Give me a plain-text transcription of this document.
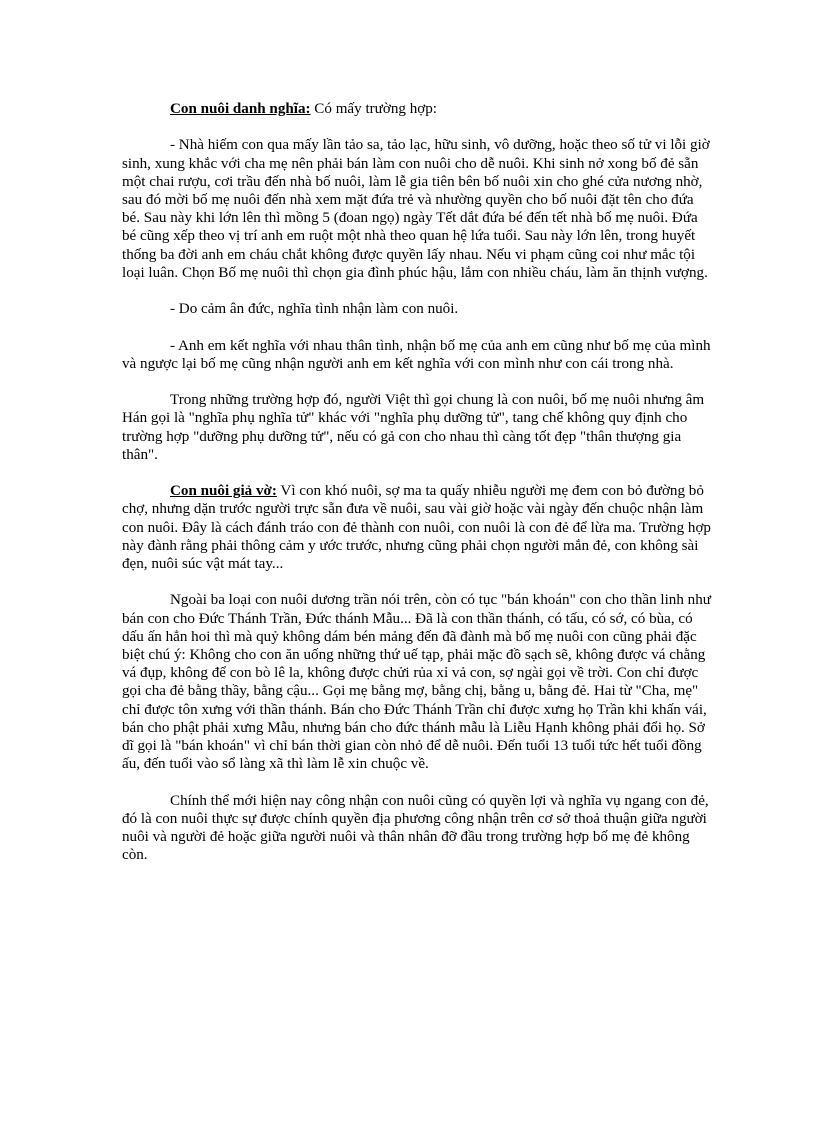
Con nuôi danh nghĩa: Có mấy trường hợp:

- Nhà hiếm con qua mấy lần tảo sa, tảo lạc, hữu sinh, vô dưỡng, hoặc theo số tử vi lỗi giờ sinh, xung khắc với cha mẹ nên phải bán làm con nuôi cho dễ nuôi. Khi sinh nở xong bố đẻ sẵn một chai rượu, cơi trầu đến nhà bố nuôi, làm lễ gia tiên bên bố nuôi xin cho ghé cửa nương nhờ, sau đó mời bố mẹ nuôi đến nhà xem mặt đứa trẻ và nhường quyền cho bố nuôi đặt tên cho đứa bé. Sau này khi lớn lên thì mồng 5 (đoan ngọ) ngày Tết dắt đứa bé đến tết nhà bố mẹ nuôi. Đứa bé cũng xếp theo vị trí anh em ruột một nhà theo quan hệ lứa tuổi. Sau này lớn lên, trong huyết thống ba đời anh em cháu chắt không được quyền lấy nhau. Nếu vi phạm cũng coi như mắc tội loại luân. Chọn Bố mẹ nuôi thì chọn gia đình phúc hậu, lắm con nhiều cháu, làm ăn thịnh vượng.

- Do cảm ân đức, nghĩa tình nhận làm con nuôi.

- Anh em kết nghĩa với nhau thân tình, nhận bố mẹ của anh em cũng như bố mẹ của mình và ngược lại bố mẹ cũng nhận người anh em kết nghĩa với con mình như con cái trong nhà.

Trong những trường hợp đó, người Việt thì gọi chung là con nuôi, bố mẹ nuôi nhưng âm Hán gọi là "nghĩa phụ nghĩa tử" khác với "nghĩa phụ dưỡng tử", tang chế không quy định cho trường hợp "dưỡng phụ dưỡng tử", nếu có gả con cho nhau thì càng tốt đẹp "thân thượng gia thân".

Con nuôi giả vờ: Vì con khó nuôi, sợ ma ta quấy nhiễu người mẹ đem con bỏ đường bỏ chợ, nhưng dặn trước người trực sẵn đưa về nuôi, sau vài giờ hoặc vài ngày đến chuộc nhận làm con nuôi. Đây là cách đánh tráo con đẻ thành con nuôi, con nuôi là con đẻ để lừa ma. Trường hợp này đành rằng phải thông cảm y ước trước, nhưng cũng phải chọn người mắn đẻ, con không sài đẹn, nuôi súc vật mát tay...

Ngoài ba loại con nuôi dương trần nói trên, còn có tục "bán khoán" con cho thần linh như bán con cho Đức Thánh Trần, Đức thánh Mẫu... Đã là con thần thánh, có tấu, có sớ, có bùa, có dấu ấn hẳn hoi thì mà quỷ không dám bén mảng đến đã đành mà bố mẹ nuôi con cũng phải đặc biệt chú ý: Không cho con ăn uống những thứ uế tạp, phải mặc đồ sạch sẽ, không được vá chằng vá đụp, không để con bò lê la, không được chửi rủa xỉ vả con, sợ ngài gọi về trời. Con chỉ được gọi cha đẻ bằng thầy, bằng cậu... Gọi mẹ bằng mợ, bằng chị, bằng u, bằng đẻ. Hai từ "Cha, mẹ" chỉ được tôn xưng với thần thánh. Bán cho Đức Thánh Trần chỉ được xưng họ Trần khi khấn vái, bán cho phật phải xưng Mẫu, nhưng bán cho đức thánh mẫu là Liễu Hạnh không phải đổi họ. Sở dĩ gọi là "bán khoán" vì chỉ bán thời gian còn nhỏ để dễ nuôi. Đến tuổi 13 tuổi tức hết tuổi đồng ấu, đến tuổi vào sổ làng xã thì làm lễ xin chuộc về.

Chính thể mới hiện nay công nhận con nuôi cũng có quyền lợi và nghĩa vụ ngang con đẻ, đó là con nuôi thực sự được chính quyền địa phương công nhận trên cơ sở thoả thuận giữa người nuôi và người đẻ hoặc giữa người nuôi và thân nhân đỡ đầu trong trường hợp bố mẹ đẻ không còn.
